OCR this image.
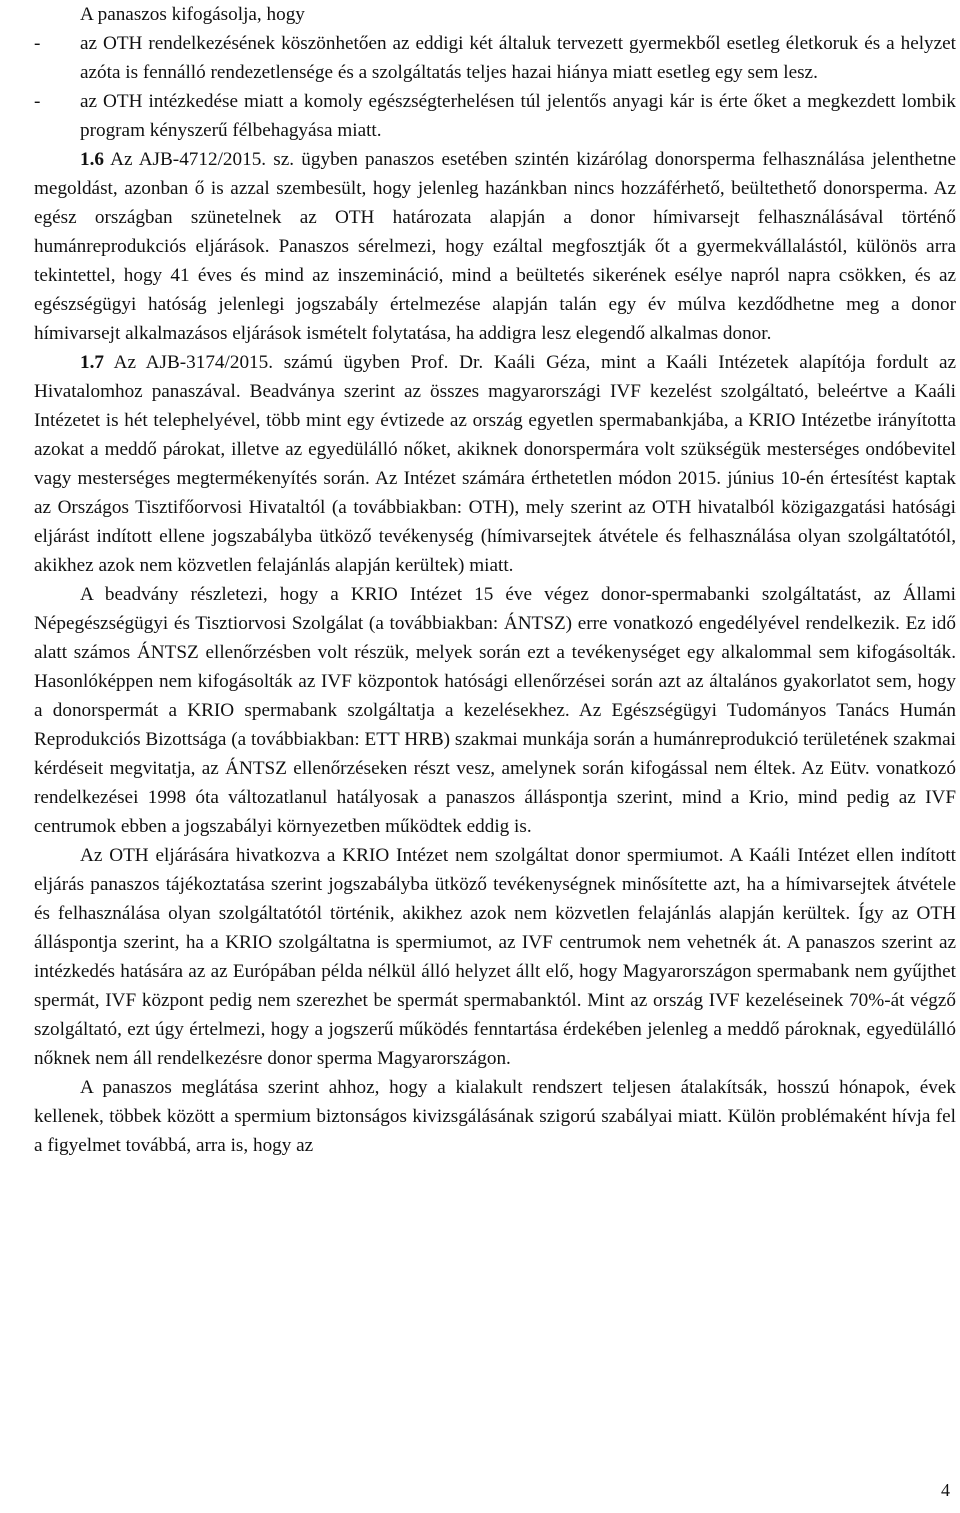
A panaszos kifogásolja, hogy

-	az OTH rendelkezésének köszönhetően az eddigi két általuk tervezett gyermekből esetleg életkoruk és a helyzet azóta is fennálló rendezetlensége és a szolgáltatás teljes hazai hiánya miatt esetleg egy sem lesz.
-	az OTH intézkedése miatt a komoly egészségterhelésen túl jelentős anyagi kár is érte őket a megkezdett lombik program kényszerű félbehagyása miatt.

1.6 Az AJB-4712/2015. sz. ügyben panaszos esetében szintén kizárólag donorsperma felhasználása jelenthetne megoldást, azonban ő is azzal szembesült, hogy jelenleg hazánkban nincs hozzáférhető, beültethető donorsperma. Az egész országban szünetelnek az OTH határozata alapján a donor hímivarsejt felhasználásával történő humánreprodukciós eljárások. Panaszos sérelmezi, hogy ezáltal megfosztják őt a gyermekvállalástól, különös arra tekintettel, hogy 41 éves és mind az inszemináció, mind a beültetés sikerének esélye napról napra csökken, és az egészségügyi hatóság jelenlegi jogszabály értelmezése alapján talán egy év múlva kezdődhetne meg a donor hímivarsejt alkalmazásos eljárások ismételt folytatása, ha addigra lesz elegendő alkalmas donor.

1.7 Az AJB-3174/2015. számú ügyben Prof. Dr. Kaáli Géza, mint a Kaáli Intézetek alapítója fordult az Hivatalomhoz panaszával. Beadványa szerint az összes magyarországi IVF kezelést szolgáltató, beleértve a Kaáli Intézetet is hét telephelyével, több mint egy évtizede az ország egyetlen spermabankjába, a KRIO Intézetbe irányította azokat a meddő párokat, illetve az egyedülálló nőket, akiknek donorspermára volt szükségük mesterséges ondóbevitel vagy mesterséges megtermékenyítés során. Az Intézet számára érthetetlen módon 2015. június 10-én értesítést kaptak az Országos Tisztifőorvosi Hivataltól (a továbbiakban: OTH), mely szerint az OTH hivatalból közigazgatási hatósági eljárást indított ellene jogszabályba ütköző tevékenység (hímivarsejtek átvétele és felhasználása olyan szolgáltatótól, akikhez azok nem közvetlen felajánlás alapján kerültek) miatt.

A beadvány részletezi, hogy a KRIO Intézet 15 éve végez donor-spermabanki szolgáltatást, az Állami Népegészségügyi és Tisztiorvosi Szolgálat (a továbbiakban: ÁNTSZ) erre vonatkozó engedélyével rendelkezik. Ez idő alatt számos ÁNTSZ ellenőrzésben volt részük, melyek során ezt a tevékenységet egy alkalommal sem kifogásolták. Hasonlóképpen nem kifogásolták az IVF központok hatósági ellenőrzései során azt az általános gyakorlatot sem, hogy a donorspermát a KRIO spermabank szolgáltatja a kezelésekhez. Az Egészségügyi Tudományos Tanács Humán Reprodukciós Bizottsága (a továbbiakban: ETT HRB) szakmai munkája során a humánreprodukció területének szakmai kérdéseit megvitatja, az ÁNTSZ ellenőrzéseken részt vesz, amelynek során kifogással nem éltek. Az Eütv. vonatkozó rendelkezései 1998 óta változatlanul hatályosak a panaszos álláspontja szerint, mind a Krio, mind pedig az IVF centrumok ebben a jogszabályi környezetben működtek eddig is.

Az OTH eljárására hivatkozva a KRIO Intézet nem szolgáltat donor spermiumot. A Kaáli Intézet ellen indított eljárás panaszos tájékoztatása szerint jogszabályba ütköző tevékenységnek minősítette azt, ha a hímivarsejtek átvétele és felhasználása olyan szolgáltatótól történik, akikhez azok nem közvetlen felajánlás alapján kerültek. Így az OTH álláspontja szerint, ha a KRIO szolgáltatna is spermiumot, az IVF centrumok nem vehetnék át. A panaszos szerint az intézkedés hatására az az Európában példa nélkül álló helyzet állt elő, hogy Magyarországon spermabank nem gyűjthet spermát, IVF központ pedig nem szerezhet be spermát spermabanktól. Mint az ország IVF kezeléseinek 70%-át végző szolgáltató, ezt úgy értelmezi, hogy a jogszerű működés fenntartása érdekében jelenleg a meddő pároknak, egyedülálló nőknek nem áll rendelkezésre donor sperma Magyarországon.

A panaszos meglátása szerint ahhoz, hogy a kialakult rendszert teljesen átalakítsák, hosszú hónapok, évek kellenek, többek között a spermium biztonságos kivizsgálásának szigorú szabályai miatt. Külön problémaként hívja fel a figyelmet továbbá, arra is, hogy az

4
